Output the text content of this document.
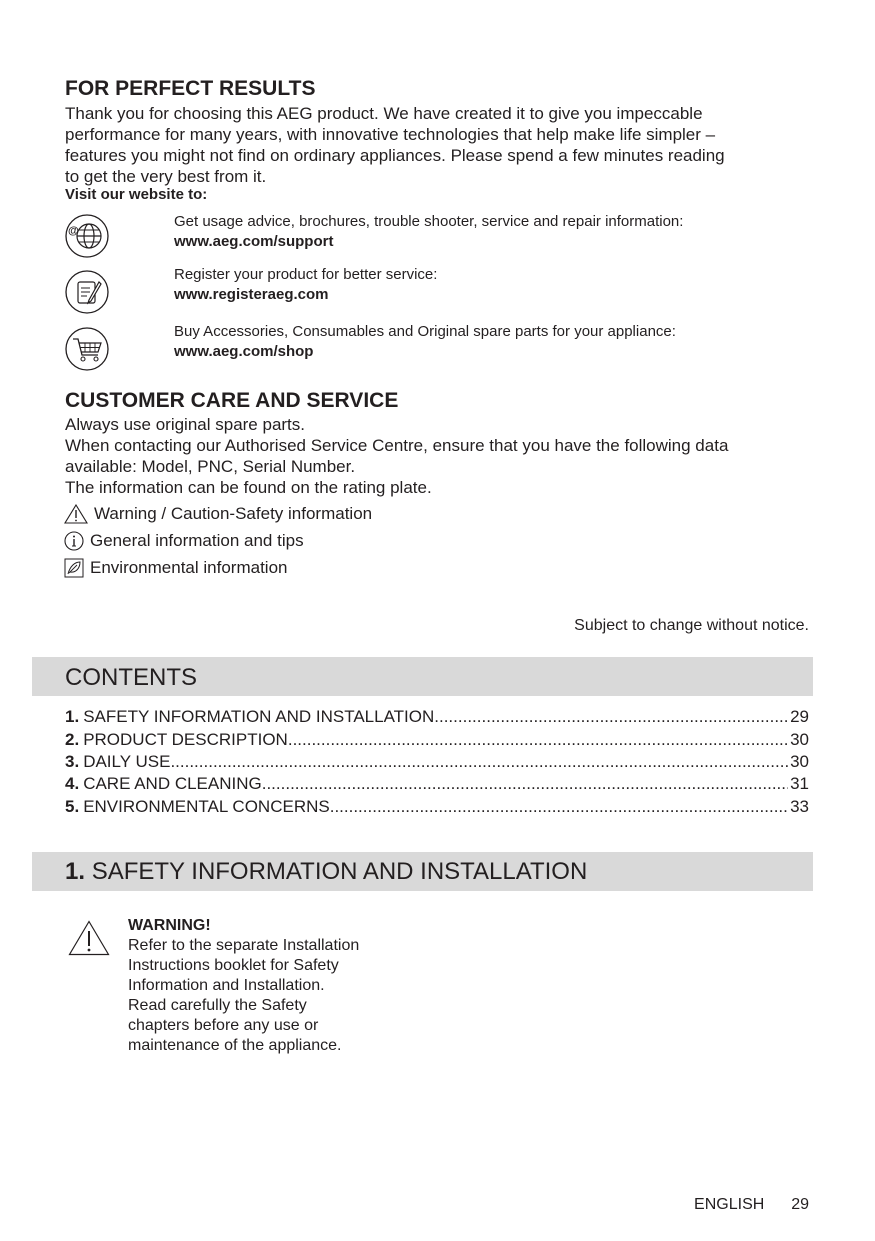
FOR PERFECT RESULTS
Thank you for choosing this AEG product. We have created it to give you impeccable
performance for many years, with innovative technologies that help make life simpler –
features you might not find on ordinary appliances. Please spend a few minutes reading
to get the very best from it.
Visit our website to:
@
Get usage advice, brochures, trouble shooter, service and repair information:
www.aeg.com/support
Register your product for better service:
www.registeraeg.com
Buy Accessories, Consumables and Original spare parts for your appliance:
www.aeg.com/shop
CUSTOMER CARE AND SERVICE
Always use original spare parts.
When contacting our Authorised Service Centre, ensure that you have the following data
available: Model, PNC, Serial Number.
The information can be found on the rating plate.
Warning / Caution-Safety information
General information and tips
Environmental information
Subject to change without notice.
CONTENTS
1. SAFETY INFORMATION AND INSTALLATION .....	29
2. PRODUCT DESCRIPTION .....	30
3. DAILY USE .....	30
4. CARE AND CLEANING .....	31
5. ENVIRONMENTAL CONCERNS .....	33
1. SAFETY INFORMATION AND INSTALLATION
WARNING!
Refer to the separate Installation
Instructions booklet for Safety
Information and Installation.
Read carefully the Safety
chapters before any use or
maintenance of the appliance.
ENGLISH 29
